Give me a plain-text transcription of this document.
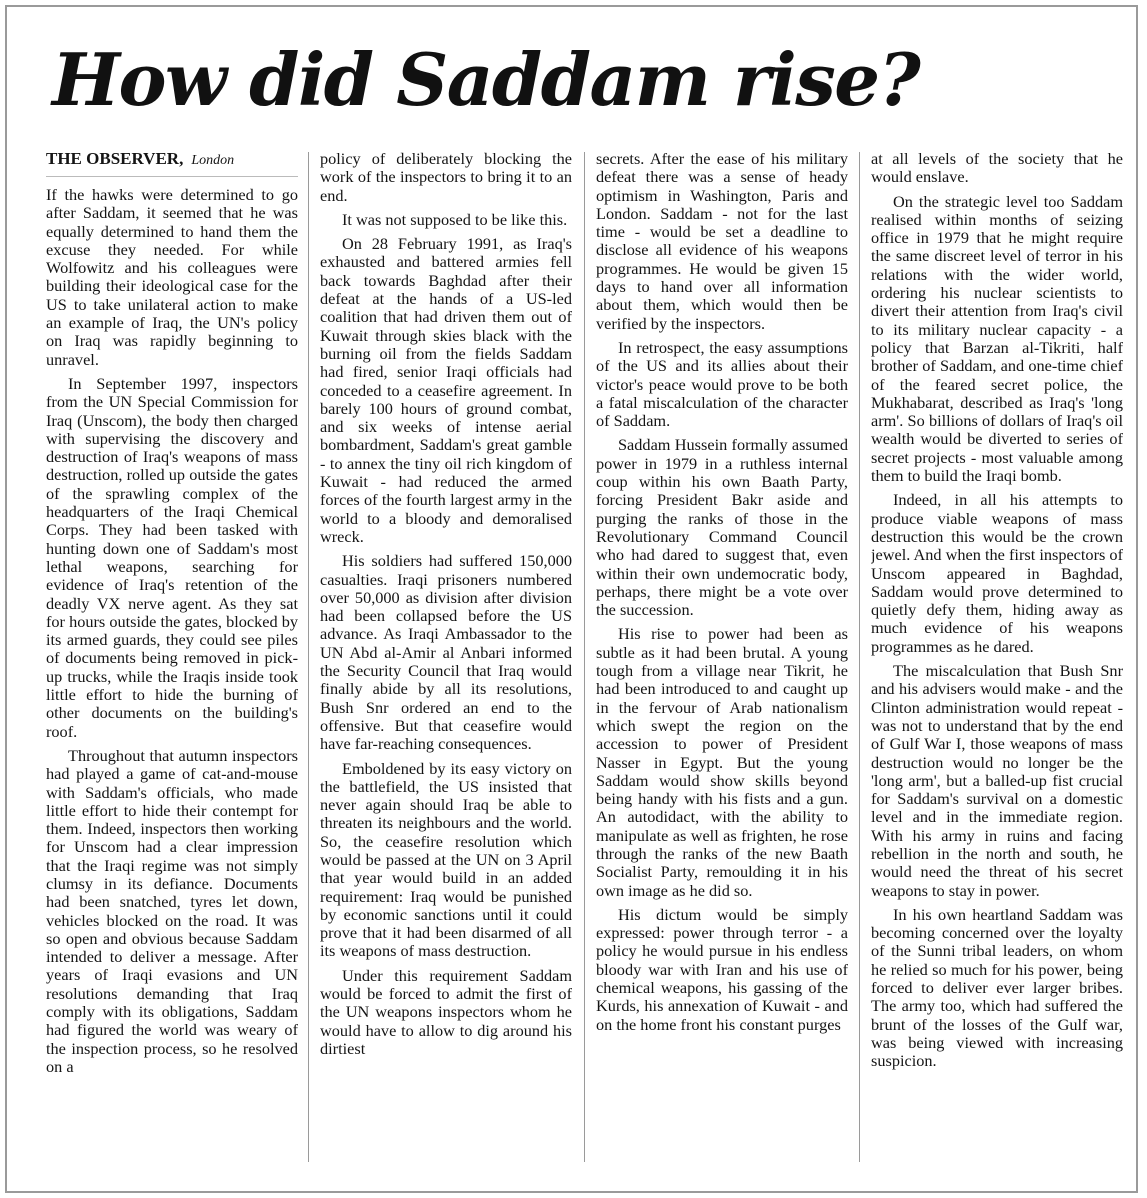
How did Saddam rise?
THE OBSERVER, London

If the hawks were determined to go after Saddam, it seemed that he was equally determined to hand them the excuse they needed. For while Wolfowitz and his colleagues were building their ideological case for the US to take unilateral action to make an example of Iraq, the UN's policy on Iraq was rapidly beginning to unravel.

In September 1997, inspectors from the UN Special Commission for Iraq (Unscom), the body then charged with supervising the discovery and destruction of Iraq's weapons of mass destruction, rolled up outside the gates of the sprawling complex of the headquarters of the Iraqi Chemical Corps. They had been tasked with hunting down one of Saddam's most lethal weapons, searching for evidence of Iraq's retention of the deadly VX nerve agent. As they sat for hours outside the gates, blocked by its armed guards, they could see piles of documents being removed in pick-up trucks, while the Iraqis inside took little effort to hide the burning of other documents on the building's roof.

Throughout that autumn inspectors had played a game of cat-and-mouse with Saddam's officials, who made little effort to hide their contempt for them. Indeed, inspectors then working for Unscom had a clear impression that the Iraqi regime was not simply clumsy in its defiance. Documents had been snatched, tyres let down, vehicles blocked on the road. It was so open and obvious because Saddam intended to deliver a message. After years of Iraqi evasions and UN resolutions demanding that Iraq comply with its obligations, Saddam had figured the world was weary of the inspection process, so he resolved on a

policy of deliberately blocking the work of the inspectors to bring it to an end.

It was not supposed to be like this.

On 28 February 1991, as Iraq's exhausted and battered armies fell back towards Baghdad after their defeat at the hands of a US-led coalition that had driven them out of Kuwait through skies black with the burning oil from the fields Saddam had fired, senior Iraqi officials had conceded to a ceasefire agreement. In barely 100 hours of ground combat, and six weeks of intense aerial bombardment, Saddam's great gamble - to annex the tiny oil rich kingdom of Kuwait - had reduced the armed forces of the fourth largest army in the world to a bloody and demoralised wreck.

His soldiers had suffered 150,000 casualties. Iraqi prisoners numbered over 50,000 as division after division had been collapsed before the US advance. As Iraqi Ambassador to the UN Abd al-Amir al Anbari informed the Security Council that Iraq would finally abide by all its resolutions, Bush Snr ordered an end to the offensive. But that ceasefire would have far-reaching consequences.

Emboldened by its easy victory on the battlefield, the US insisted that never again should Iraq be able to threaten its neighbours and the world. So, the ceasefire resolution which would be passed at the UN on 3 April that year would build in an added requirement: Iraq would be punished by economic sanctions until it could prove that it had been disarmed of all its weapons of mass destruction.

Under this requirement Saddam would be forced to admit the first of the UN weapons inspectors whom he would have to allow to dig around his dirtiest

secrets. After the ease of his military defeat there was a sense of heady optimism in Washington, Paris and London. Saddam - not for the last time - would be set a deadline to disclose all evidence of his weapons programmes. He would be given 15 days to hand over all information about them, which would then be verified by the inspectors.

In retrospect, the easy assumptions of the US and its allies about their victor's peace would prove to be both a fatal miscalculation of the character of Saddam.

Saddam Hussein formally assumed power in 1979 in a ruthless internal coup within his own Baath Party, forcing President Bakr aside and purging the ranks of those in the Revolutionary Command Council who had dared to suggest that, even within their own undemocratic body, perhaps, there might be a vote over the succession.

His rise to power had been as subtle as it had been brutal. A young tough from a village near Tikrit, he had been introduced to and caught up in the fervour of Arab nationalism which swept the region on the accession to power of President Nasser in Egypt. But the young Saddam would show skills beyond being handy with his fists and a gun. An autodidact, with the ability to manipulate as well as frighten, he rose through the ranks of the new Baath Socialist Party, remoulding it in his own image as he did so.

His dictum would be simply expressed: power through terror - a policy he would pursue in his endless bloody war with Iran and his use of chemical weapons, his gassing of the Kurds, his annexation of Kuwait - and on the home front his constant purges

at all levels of the society that he would enslave.

On the strategic level too Saddam realised within months of seizing office in 1979 that he might require the same discreet level of terror in his relations with the wider world, ordering his nuclear scientists to divert their attention from Iraq's civil to its military nuclear capacity - a policy that Barzan al-Tikriti, half brother of Saddam, and one-time chief of the feared secret police, the Mukhabarat, described as Iraq's 'long arm'. So billions of dollars of Iraq's oil wealth would be diverted to series of secret projects - most valuable among them to build the Iraqi bomb.

Indeed, in all his attempts to produce viable weapons of mass destruction this would be the crown jewel. And when the first inspectors of Unscom appeared in Baghdad, Saddam would prove determined to quietly defy them, hiding away as much evidence of his weapons programmes as he dared.

The miscalculation that Bush Snr and his advisers would make - and the Clinton administration would repeat - was not to understand that by the end of Gulf War I, those weapons of mass destruction would no longer be the 'long arm', but a balled-up fist crucial for Saddam's survival on a domestic level and in the immediate region. With his army in ruins and facing rebellion in the north and south, he would need the threat of his secret weapons to stay in power.

In his own heartland Saddam was becoming concerned over the loyalty of the Sunni tribal leaders, on whom he relied so much for his power, being forced to deliver ever larger bribes. The army too, which had suffered the brunt of the losses of the Gulf war, was being viewed with increasing suspicion.
